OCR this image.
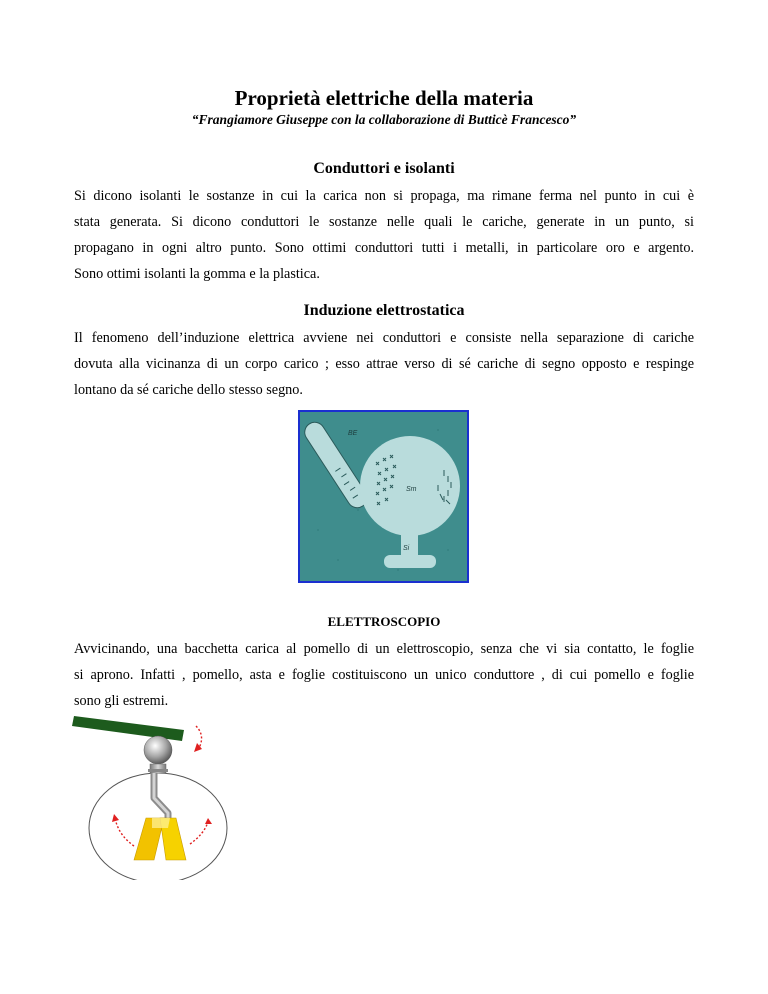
Proprietà elettriche della materia
“Frangiamore Giuseppe con la collaborazione di Butticè Francesco”
Conduttori e isolanti
Si dicono isolanti le sostanze in cui la carica non si propaga, ma rimane ferma nel punto in cui è
stata generata. Si dicono conduttori le sostanze nelle quali le cariche, generate in un punto, si
propagano in ogni altro punto. Sono ottimi conduttori tutti i metalli, in particolare oro e argento.
Sono ottimi isolanti la gomma e la plastica.
Induzione elettrostatica
Il fenomeno dell’induzione elettrica avviene nei conduttori e consiste nella separazione di cariche
dovuta alla vicinanza di un corpo carico ; esso attrae verso di sé cariche di segno opposto e respinge
lontano da sé cariche dello stesso segno.
BE
Sm
Si
ELETTROSCOPIO
Avvicinando, una bacchetta carica al pomello di un elettroscopio, senza che vi sia contatto, le foglie
si aprono. Infatti , pomello, asta e foglie costituiscono un unico conduttore , di cui pomello e foglie
sono gli estremi.
